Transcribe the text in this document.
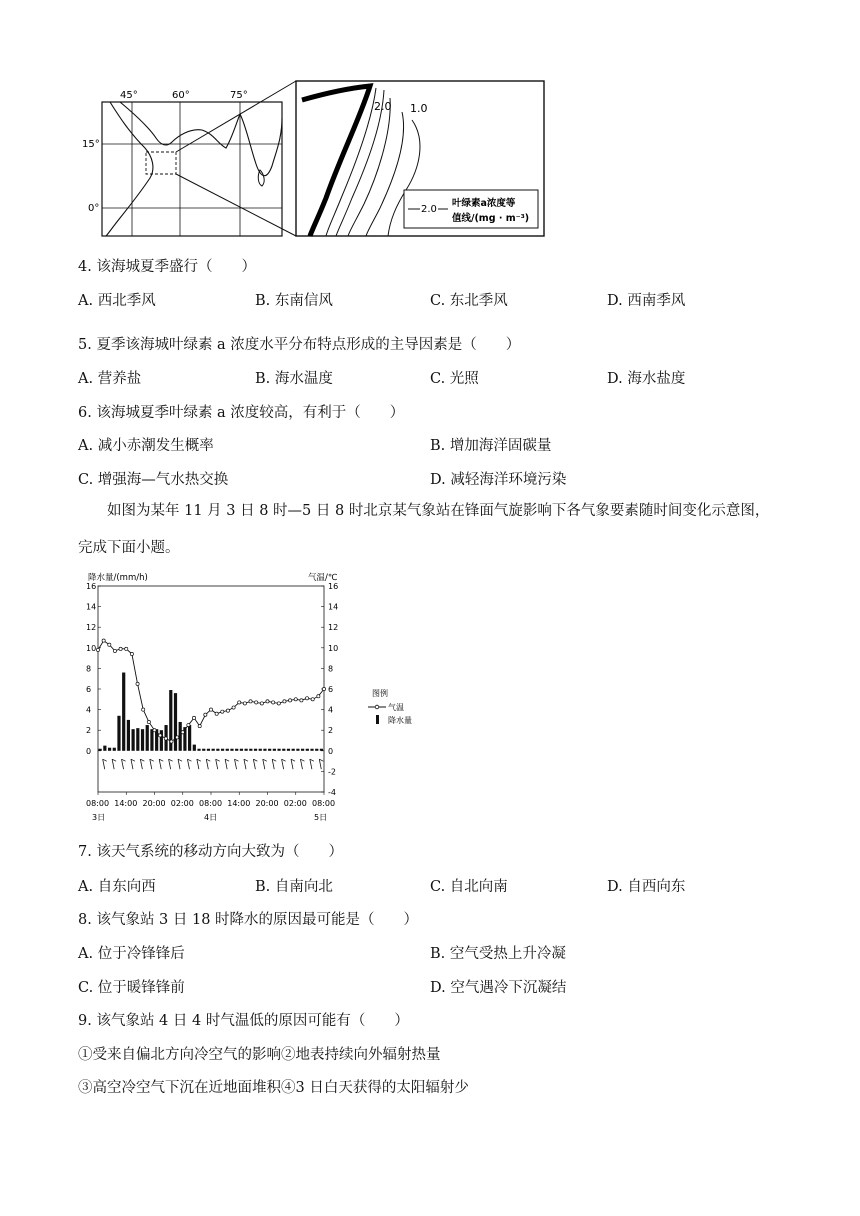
45°	60°	75°
15°
0°
2.0 1.0
2.0
叶绿素a浓度等
值线/(mg · m⁻³)
4. 该海城夏季盛行（　　）
A. 西北季风	B. 东南信风	C. 东北季风	D. 西南季风
5. 夏季该海城叶绿素 a 浓度水平分布特点形成的主导因素是（　　）
A. 营养盐	B. 海水温度	C. 光照	D. 海水盐度
6. 该海城夏季叶绿素 a 浓度较高，有利于（　　）
A. 减小赤潮发生概率	B. 增加海洋固碳量
C. 增强海—气水热交换	D. 减轻海洋环境污染
如图为某年 11 月 3 日 8 时—5 日 8 时北京某气象站在锋面气旋影响下各气象要素随时间变化示意图，完成下面小题。
降水量/(mm/h)	气温/℃
16
14
12
10
8
6
4
2
0
16
14
12
10
8
6
4
2
0
-2
-4
08:00 14:00 20:00 02:00 08:00 14:00 20:00 02:00 08:00
3日	4日	5日
图例
气温
降水量
7. 该天气系统的移动方向大致为（　　）
A. 自东向西	B. 自南向北	C. 自北向南	D. 自西向东
8. 该气象站 3 日 18 时降水的原因最可能是（　　）
A. 位于冷锋锋后	B. 空气受热上升冷凝
C. 位于暖锋锋前	D. 空气遇冷下沉凝结
9. 该气象站 4 日 4 时气温低的原因可能有（　　）
①受来自偏北方向冷空气的影响②地表持续向外辐射热量
③高空冷空气下沉在近地面堆积④3 日白天获得的太阳辐射少
